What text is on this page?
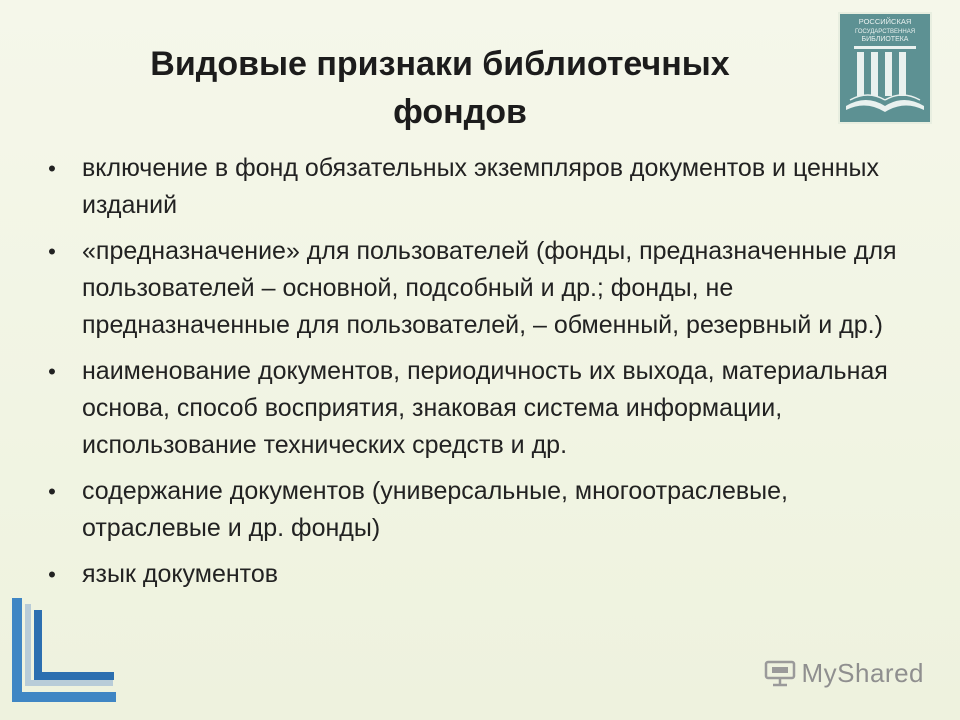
Видовые признаки библиотечных
фондов
РОССИЙСКАЯ
ГОСУДАРСТВЕННАЯ
БИБЛИОТЕКА
• включение в фонд обязательных экземпляров документов и ценных изданий
• «предназначение» для пользователей (фонды, предназначенные для пользователей – основной, подсобный и др.; фонды, не предназначенные для пользователей, – обменный, резервный и др.)
• наименование документов, периодичность их выхода, материальная основа, способ восприятия, знаковая система информации, использование технических средств и др.
• содержание документов (универсальные, многоотраслевые, отраслевые и др. фонды)
• язык документов
MyShared
